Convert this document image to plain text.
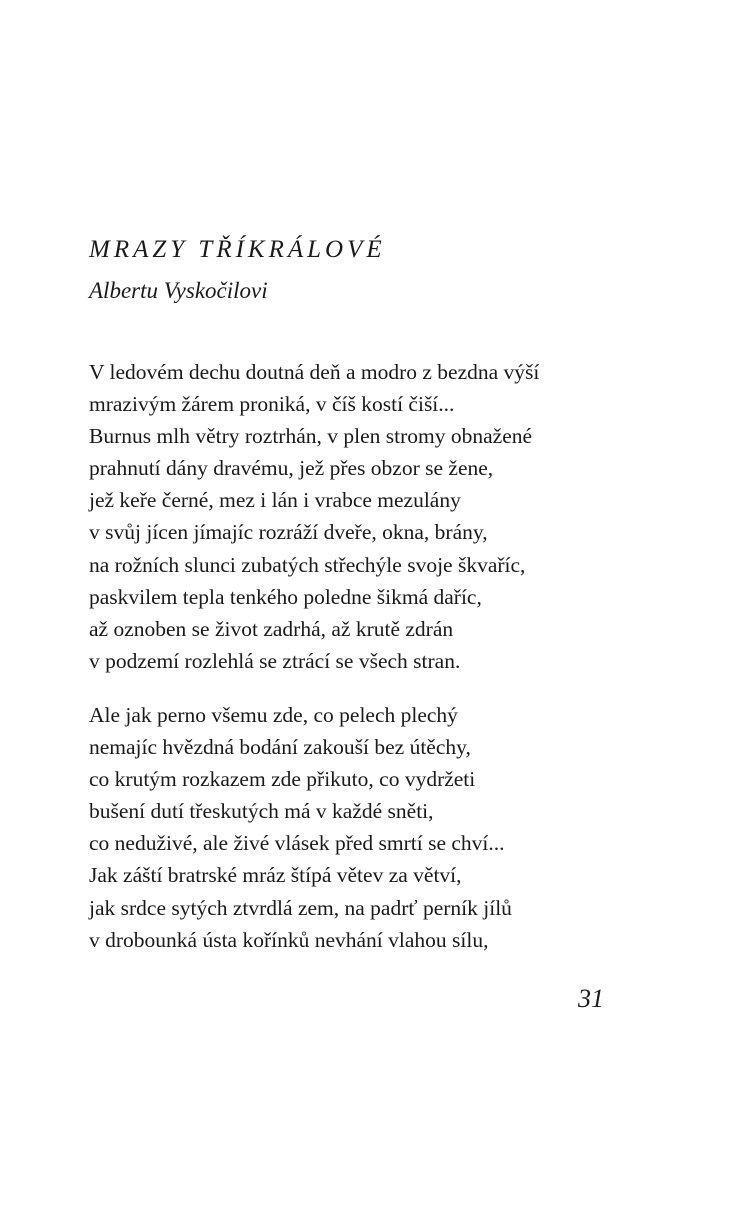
MRAZY TŘÍKRÁLOVÉ
Albertu Vyskočilovi
V ledovém dechu doutná deň a modro z bezdna výší
mrazivým žárem proniká, v číš kostí čiší...
Burnus mlh větry roztrhán, v plen stromy obnažené
prahnutí dány dravému, jež přes obzor se žene,
jež keře černé, mez i lán i vrabce mezulány
v svůj jícen jímajíc rozráží dveře, okna, brány,
na rožních slunci zubatých střechýle svoje škvaříc,
paskvilem tepla tenkého poledne šikmá daříc,
až oznoben se život zadrhá, až krutě zdrán
v podzemí rozlehlá se ztrácí se všech stran.
Ale jak perno všemu zde, co pelech plechý
nemajíc hvězdná bodání zakouší bez útěchy,
co krutým rozkazem zde přikuto, co vydržeti
bušení dutí třeskutých má v každé sněti,
co neduživé, ale živé vlásek před smrtí se chví...
Jak záští bratrské mráz štípá větev za větví,
jak srdce sytých ztvrdlá zem, na padrť perník jílů
v drobounká ústa kořínků nevhání vlahou sílu,
31
